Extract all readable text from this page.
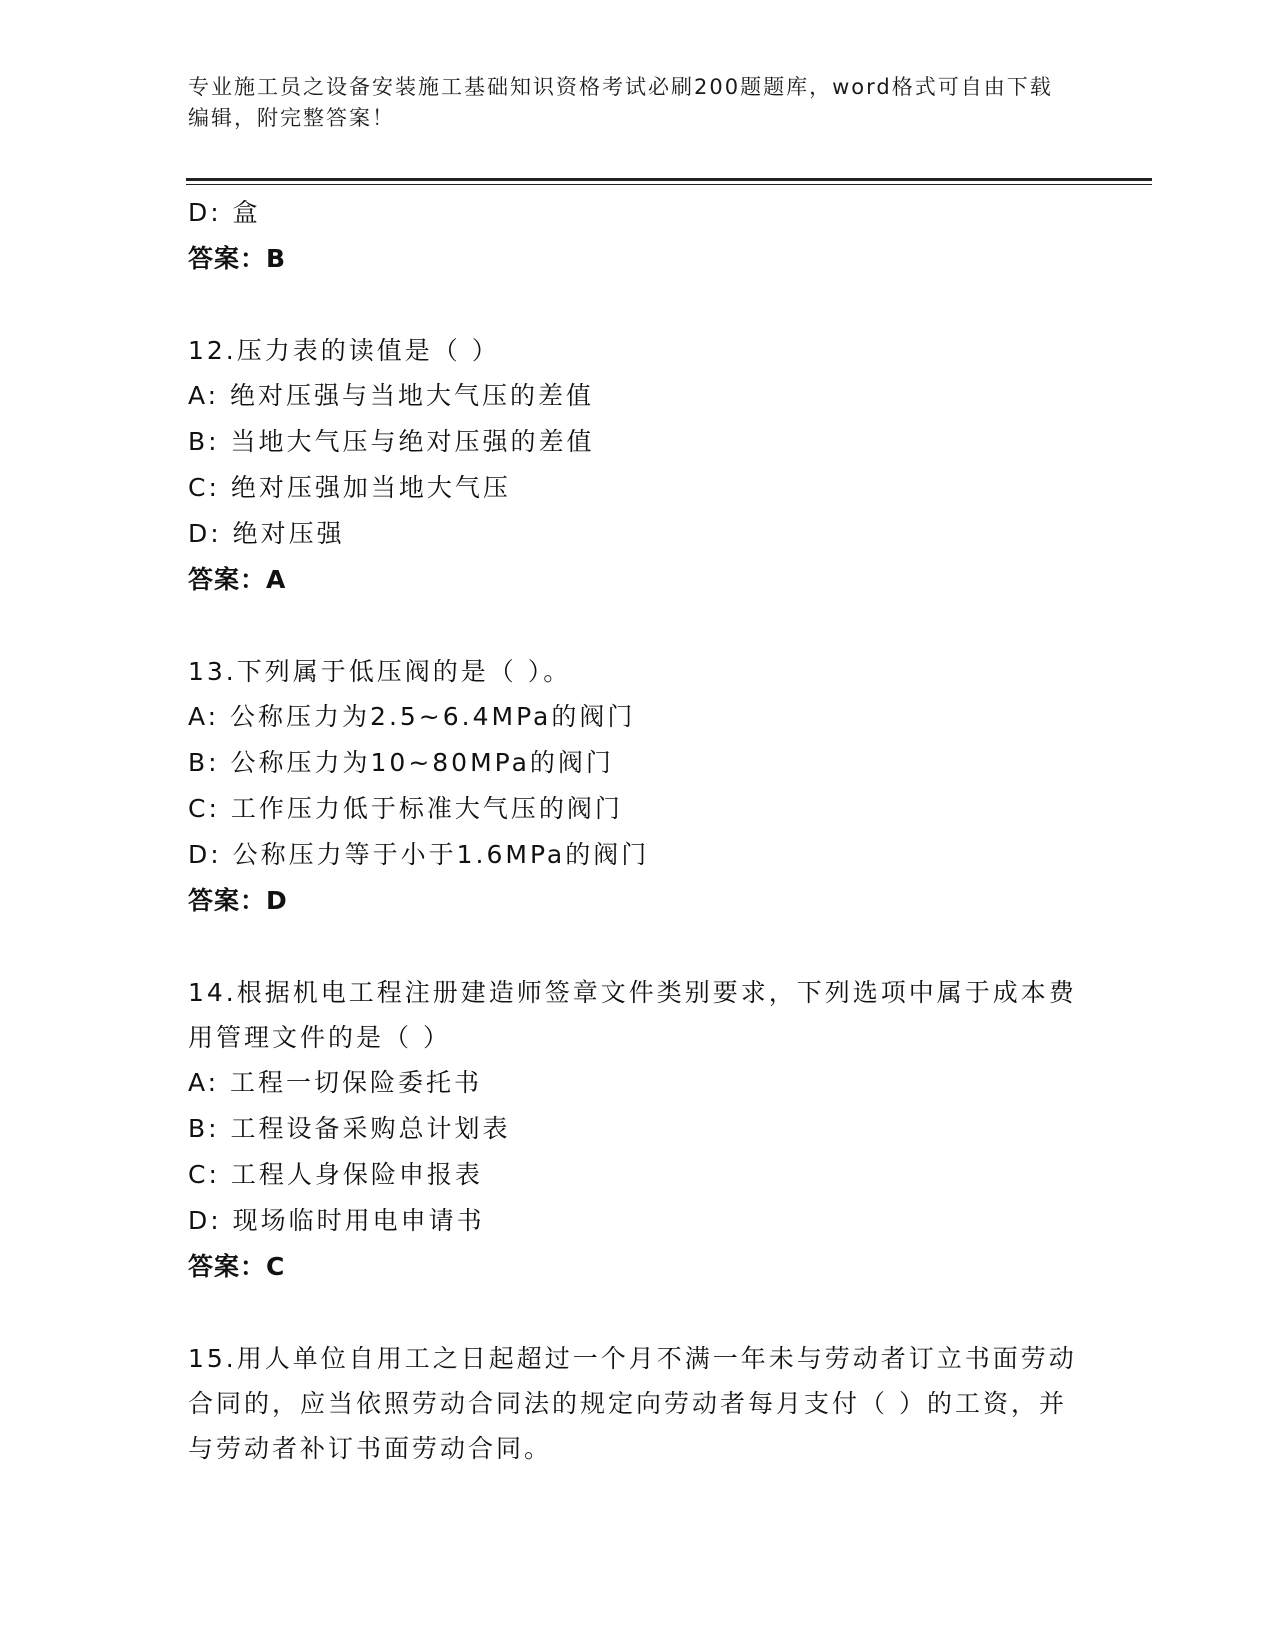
专业施工员之设备安装施工基础知识资格考试必刷200题题库，word格式可自由下载编辑，附完整答案！
D: 盒
答案：B
12.压力表的读值是（ ）
A: 绝对压强与当地大气压的差值
B: 当地大气压与绝对压强的差值
C: 绝对压强加当地大气压
D: 绝对压强
答案：A
13.下列属于低压阀的是（ ）。
A: 公称压力为2.5~6.4MPa的阀门
B: 公称压力为10~80MPa的阀门
C: 工作压力低于标准大气压的阀门
D: 公称压力等于小于1.6MPa的阀门
答案：D
14.根据机电工程注册建造师签章文件类别要求，下列选项中属于成本费用管理文件的是（ ）
A: 工程一切保险委托书
B: 工程设备采购总计划表
C: 工程人身保险申报表
D: 现场临时用电申请书
答案：C
15.用人单位自用工之日起超过一个月不满一年未与劳动者订立书面劳动合同的，应当依照劳动合同法的规定向劳动者每月支付（ ）的工资，并与劳动者补订书面劳动合同。
